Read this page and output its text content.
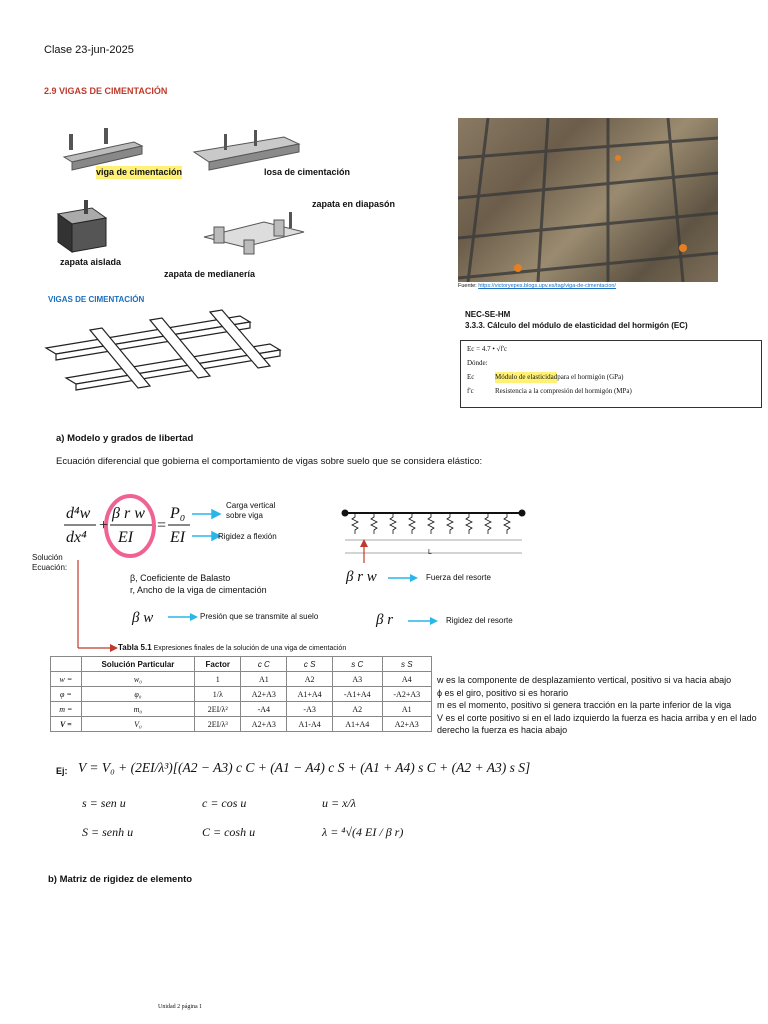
Clase 23-jun-2025
2.9 VIGAS DE CIMENTACIÓN
viga de cimentación	losa de cimentación
zapata en diapasón
zapata aislada
zapata de medianería
Fuente: https://victoryepes.blogs.upv.es/tag/viga-de-cimentacion/
VIGAS DE CIMENTACIÓN
NEC-SE-HM
3.3.3. Cálculo del módulo de elasticidad del hormigón (EC)
Ec = 4.7 • √f'c
Dónde:
Ec	Módulo de elasticidad para el hormigón (GPa)
f'c	Resistencia a la compresión del hormigón (MPa)
a) Modelo y grados de libertad
Ecuación diferencial que gobierna el comportamiento de vigas sobre suelo que se considera elástico:
d⁴w
dx⁴
+
β r w
EI
=
P₀
EI
Carga vertical sobre viga
Rigidez a flexión
L
Solución Ecuación:
β, Coeficiente de Balasto
r, Ancho de la viga de cimentación
β w	Presión que se transmite al suelo
β r w	Fuerza del resorte
β r	Rigidez del resorte
Tabla 5.1 Expresiones finales de la solución de una viga de cimentación
	Solución Particular	Factor	c C	c S	s C	s S
w =	w₀	1	A1	A2	A3	A4
φ =	φ₀	1/λ	A2+A3	A1+A4	-A1+A4	-A2+A3
m =	m₀	2EI/λ²	-A4	-A3	A2	A1
V =	V₀	2EI/λ³	A2+A3	A1-A4	A1+A4	A2+A3
w es la componente de desplazamiento vertical, positivo si va hacia abajo
ϕ es el giro, positivo si es horario
m es el momento, positivo si genera tracción en la parte inferior de la viga
V es el corte positivo si en el lado izquierdo la fuerza es hacia arriba y en el lado derecho la fuerza es hacia abajo
Ej: V = V₀ + (2EI/λ³)[(A2 − A3) c C + (A1 − A4) c S + (A1 + A4) s C + (A2 + A3) s S]
s = sen u	c = cos u	u = x/λ
S = senh u	C = cosh u	λ = ⁴√(4 EI / β r)
b) Matriz de rigidez de elemento
Unidad 2 página 1
